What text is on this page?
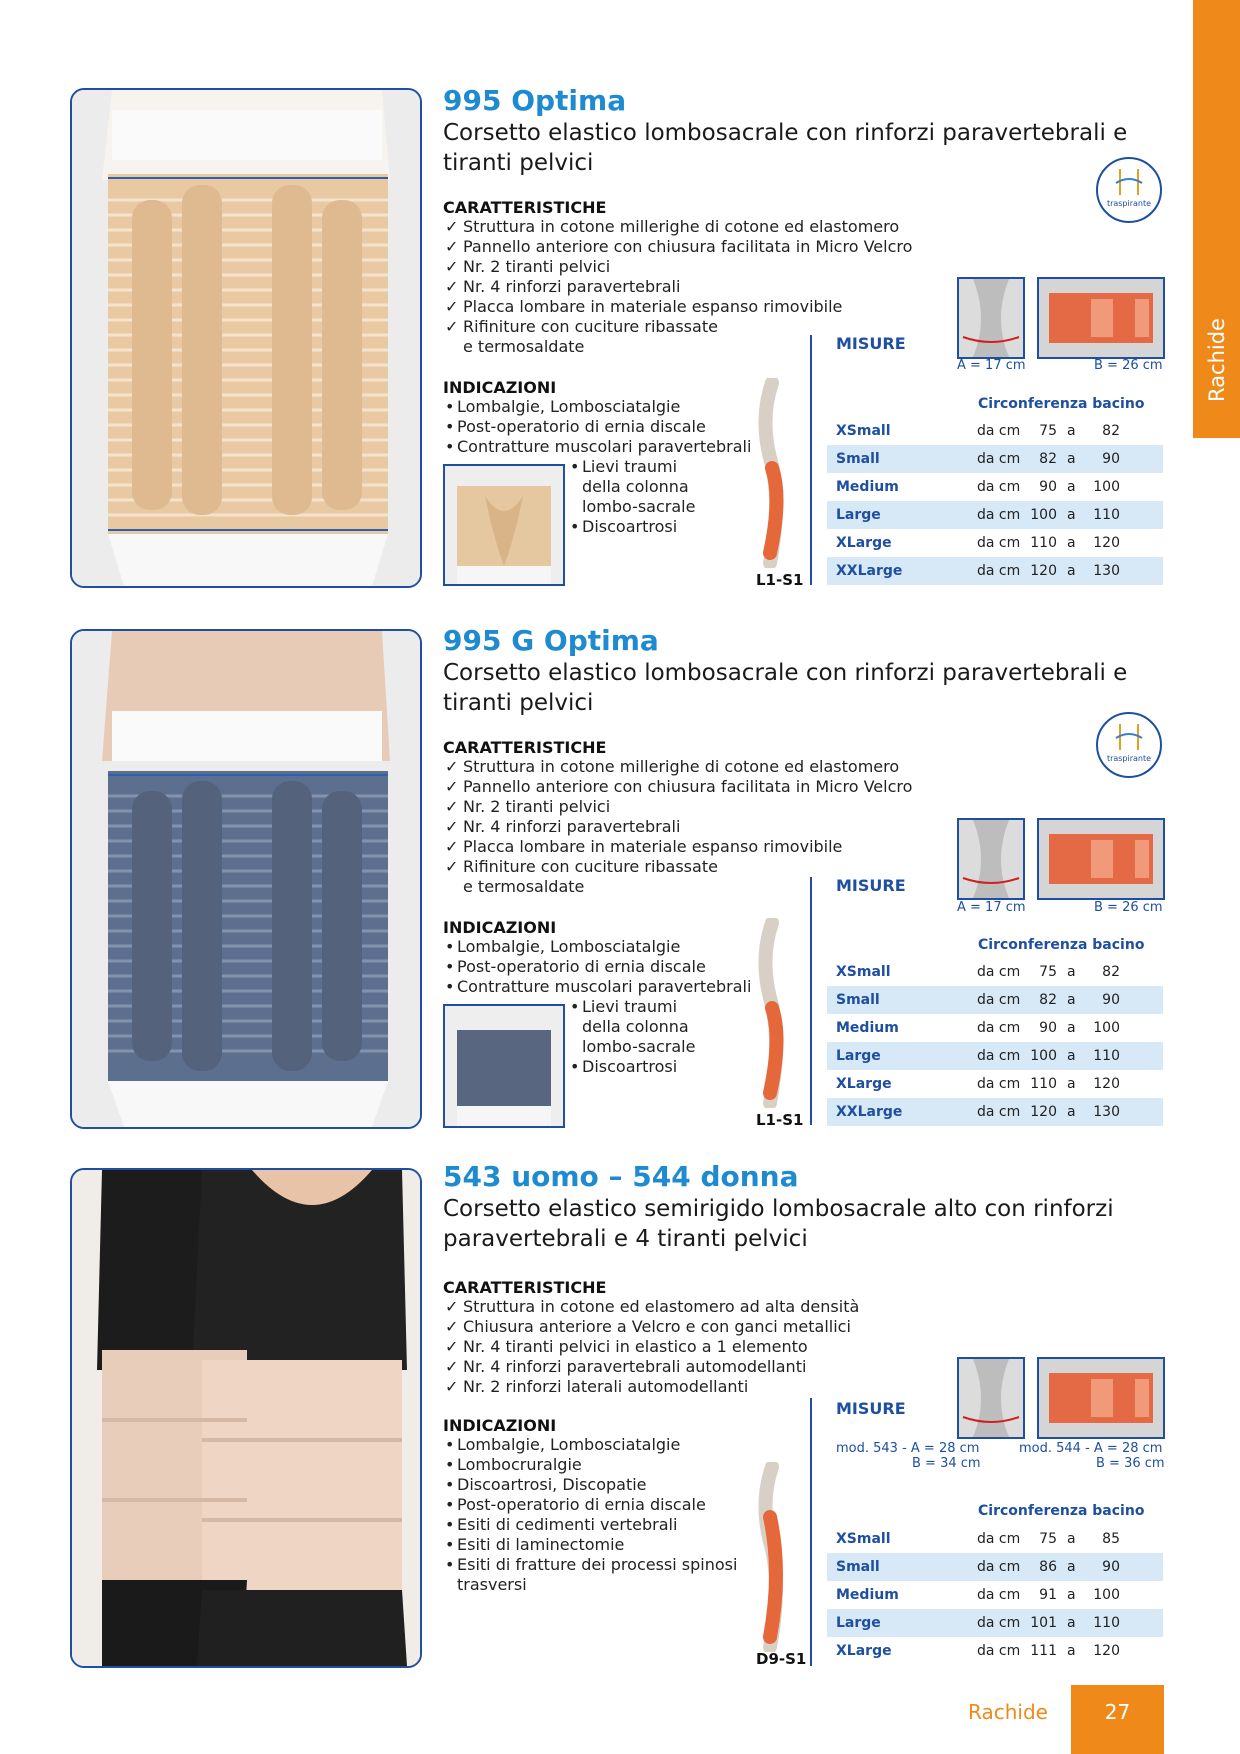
Rachide
995 Optima
Corsetto elastico lombosacrale con rinforzi paravertebrali e tiranti pelvici
traspirante
CARATTERISTICHE
✓ Struttura in cotone millerighe di cotone ed elastomero
✓ Pannello anteriore con chiusura facilitata in Micro Velcro
✓ Nr. 2 tiranti pelvici
✓ Nr. 4 rinforzi paravertebrali
✓ Placca lombare in materiale espanso rimovibile
✓ Rifiniture con cuciture ribassate
e termosaldate
INDICAZIONI
• Lombalgie, Lombosciatalgie
• Post-operatorio di ernia discale
• Contratture muscolari paravertebrali
• Lievi traumi
della colonna
lombo-sacrale
• Discoartrosi
L1-S1
MISURE
A = 17 cm	B = 26 cm
Circonferenza bacino
XSmall	da cm	75 a	82
Small	da cm	82 a	90
Medium	da cm	90 a	100
Large	da cm 100 a	110
XLarge	da cm 110 a	120
XXLarge	da cm 120 a	130
995 G Optima
Corsetto elastico lombosacrale con rinforzi paravertebrali e tiranti pelvici
traspirante
CARATTERISTICHE
✓ Struttura in cotone millerighe di cotone ed elastomero
✓ Pannello anteriore con chiusura facilitata in Micro Velcro
✓ Nr. 2 tiranti pelvici
✓ Nr. 4 rinforzi paravertebrali
✓ Placca lombare in materiale espanso rimovibile
✓ Rifiniture con cuciture ribassate
e termosaldate
INDICAZIONI
• Lombalgie, Lombosciatalgie
• Post-operatorio di ernia discale
• Contratture muscolari paravertebrali
• Lievi traumi
della colonna
lombo-sacrale
• Discoartrosi
L1-S1
MISURE
A = 17 cm	B = 26 cm
Circonferenza bacino
XSmall	da cm	75 a	82
Small	da cm	82 a	90
Medium	da cm	90 a	100
Large	da cm 100 a	110
XLarge	da cm 110 a	120
XXLarge	da cm 120 a	130
543 uomo – 544 donna
Corsetto elastico semirigido lombosacrale alto con rinforzi paravertebrali e 4 tiranti pelvici
CARATTERISTICHE
✓ Struttura in cotone ed elastomero ad alta densità
✓ Chiusura anteriore a Velcro e con ganci metallici
✓ Nr. 4 tiranti pelvici in elastico a 1 elemento
✓ Nr. 4 rinforzi paravertebrali automodellanti
✓ Nr. 2 rinforzi laterali automodellanti
INDICAZIONI
• Lombalgie, Lombosciatalgie
• Lombocruralgie
• Discoartrosi, Discopatie
• Post-operatorio di ernia discale
• Esiti di cedimenti vertebrali
• Esiti di laminectomie
• Esiti di fratture dei processi spinosi
trasversi
D9-S1
MISURE
mod. 543 - A = 28 cm
B = 34 cm
mod. 544 - A = 28 cm
B = 36 cm
Circonferenza bacino
XSmall	da cm	75 a	85
Small	da cm	86 a	90
Medium	da cm	91 a	100
Large	da cm 101 a	110
XLarge	da cm 111 a	120
Rachide	27
